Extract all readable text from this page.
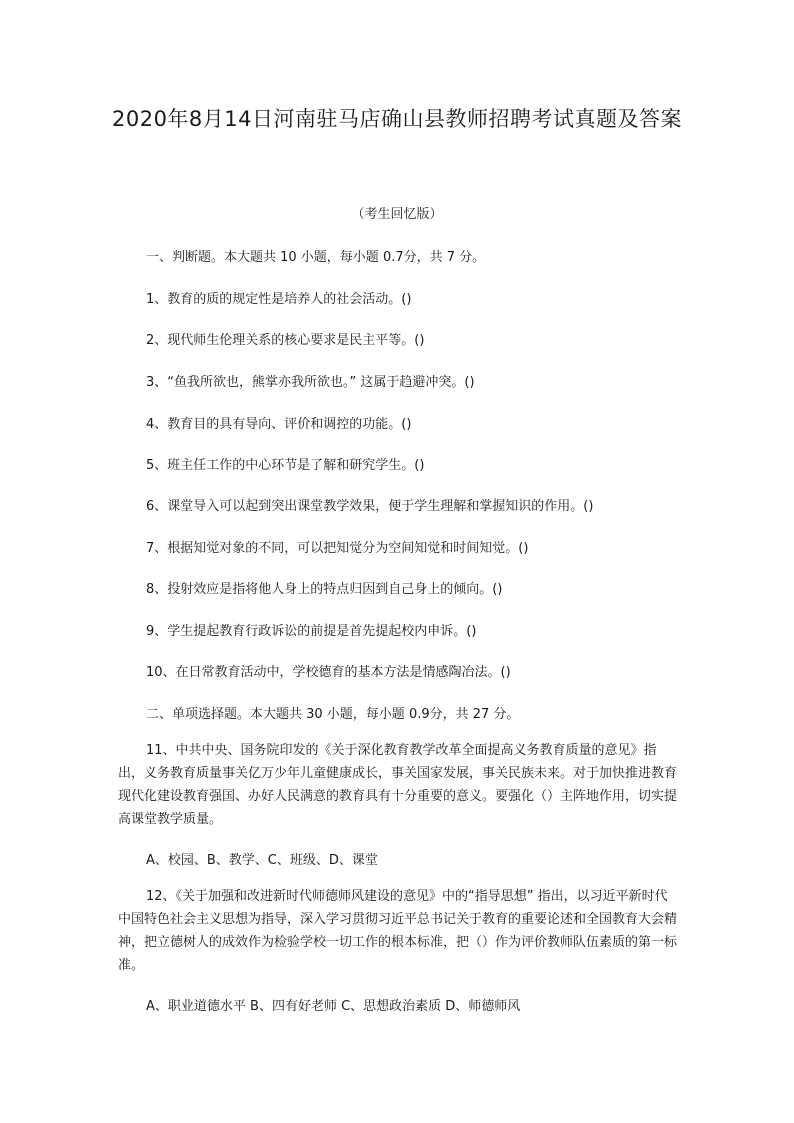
2020年8月14日河南驻马店确山县教师招聘考试真题及答案

（考生回忆版）

一、判断题。本大题共 10 小题，每小题 0.7分，共 7 分。

1、教育的质的规定性是培养人的社会活动。()

2、现代师生伦理关系的核心要求是民主平等。()

3、“鱼我所欲也，熊掌亦我所欲也。” 这属于趋避冲突。()

4、教育目的具有导向、评价和调控的功能。()

5、班主任工作的中心环节是了解和研究学生。()

6、课堂导入可以起到突出课堂教学效果，便于学生理解和掌握知识的作用。()

7、根据知觉对象的不同，可以把知觉分为空间知觉和时间知觉。()

8、投射效应是指将他人身上的特点归因到自己身上的倾向。()

9、学生提起教育行政诉讼的前提是首先提起校内申诉。()

10、在日常教育活动中，学校德育的基本方法是情感陶冶法。()

二、单项选择题。本大题共 30 小题，每小题 0.9分，共 27 分。

11、中共中央、国务院印发的《关于深化教育教学改革全面提高义务教育质量的意见》指出，义务教育质量事关亿万少年儿童健康成长，事关国家发展，事关民族未来。对于加快推进教育现代化建设教育强国、办好人民满意的教育具有十分重要的意义。要强化（）主阵地作用，切实提高课堂教学质量。

A、校园、B、教学、C、班级、D、课堂

12、《关于加强和改进新时代师德师风建设的意见》中的“指导思想” 指出，以习近平新时代中国特色社会主义思想为指导，深入学习贯彻习近平总书记关于教育的重要论述和全国教育大会精神，把立德树人的成效作为检验学校一切工作的根本标准，把（）作为评价教师队伍素质的第一标准。

A、职业道德水平 B、四有好老师 C、思想政治素质 D、师德师风
